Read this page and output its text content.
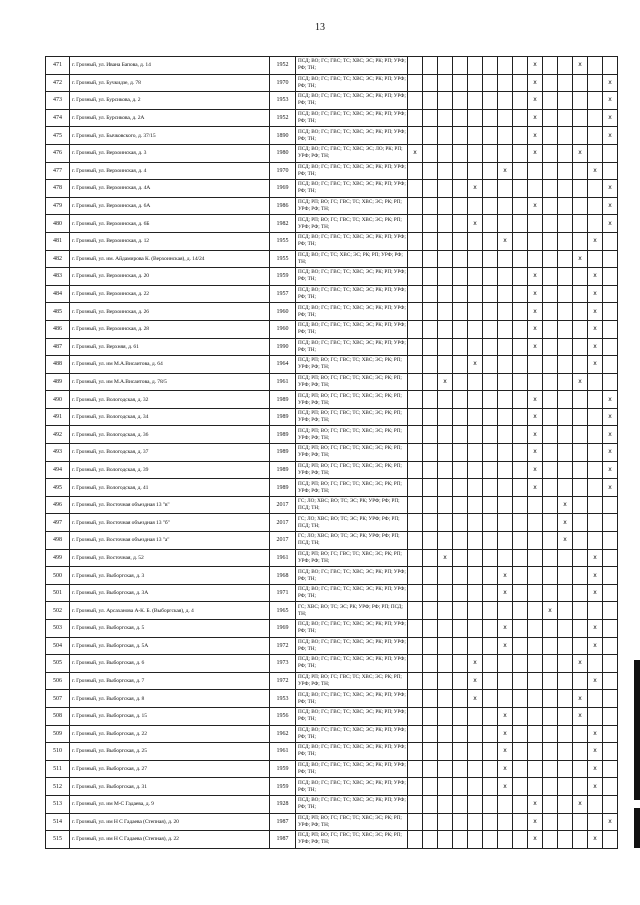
13
471	г. Грозный, ул. Ивана Бапова, д. 14	1952	ПСД; ВО; ГС; ГВС; ТС; ХВС; ЭС; РК; РП; УРФ; РФ; ТН;									x			x		
472	г. Грозный, ул. Бучкидзе, д. 78	1970	ПСД; ВО; ГС; ГВС; ТС; ХВС; ЭС; РК; РП; УРФ; РФ; ТН;									x					x
473	г. Грозный, ул. Бурсикова, д. 2	1953	ПСД; ВО; ГС; ГВС; ТС; ХВС; ЭС; РК; РП; УРФ; РФ; ТН;									x					x
474	г. Грозный, ул. Бурсикова, д. 2А	1952	ПСД; ВО; ГС; ГВС; ТС; ХВС; ЭС; РК; РП; УРФ; РФ; ТН;									x					x
475	г. Грозный, ул. Бычковского, д. 37/15	1890	ПСД; ВО; ГС; ГВС; ТС; ХВС; ЭС; РК; РП; УРФ; РФ; ТН;									x					x
476	г. Грозный, ул. Верхоинская, д. 3	1980	ПСД; ВО; ГС; ГВС; ТС; ХВС; ЭС; ЛО; РК; РП; УРФ; РФ; ТН;	x								x			x		
477	г. Грозный, ул. Верхоинская, д. 4	1970	ПСД; ВО; ГС; ГВС; ТС; ХВС; ЭС; РК; РП; УРФ; РФ; ТН;							x						x	
478	г. Грозный, ул. Верхоинская, д. 4А	1969	ПСД; ВО; ГС; ГВС; ТС; ХВС; ЭС; РК; РП; УРФ; РФ; ТН;					x									x
479	г. Грозный, ул. Верхоинская, д. 6А	1986	ПСД; РП; ВО; ГС; ГВС; ТС; ХВС; ЭС; РК; РП; УРФ; РФ; ТН;									x					x
480	г. Грозный, ул. Верхоинская, д. 6Б	1982	ПСД; РП; ВО; ГС; ГВС; ТС; ХВС; ЭС; РК; РП; УРФ; РФ; ТН;					x									x
481	г. Грозный, ул. Верхоинская, д. 12	1955	ПСД; ВО; ГС; ГВС; ТС; ХВС; ЭС; РК; РП; УРФ; РФ; ТН;							x						x	
482	г. Грозный, ул. им. Айдамирова К. (Верхоинская), д. 14/24	1955	ПСД; ВО; ГС; ТС; ХВС; ЭС; РК; РП; УРФ; РФ; ТН;												x		
483	г. Грозный, ул. Верхоинская, д. 20	1959	ПСД; ВО; ГС; ГВС; ТС; ХВС; ЭС; РК; РП; УРФ; РФ; ТН;									x				x	
484	г. Грозный, ул. Верхоинская, д. 22	1957	ПСД; ВО; ГС; ГВС; ТС; ХВС; ЭС; РК; РП; УРФ; РФ; ТН;									x				x	
485	г. Грозный, ул. Верхоинская, д. 26	1960	ПСД; ВО; ГС; ГВС; ТС; ХВС; ЭС; РК; РП; УРФ; РФ; ТН;									x				x	
486	г. Грозный, ул. Верхоинская, д. 28	1960	ПСД; ВО; ГС; ГВС; ТС; ХВС; ЭС; РК; РП; УРФ; РФ; ТН;									x				x	
487	г. Грозный, ул. Верхняя, д. 61	1990	ПСД; ВО; ГС; ГВС; ТС; ХВС; ЭС; РК; РП; УРФ; РФ; ТН;									x				x	
488	г. Грозный, ул. им М.А.Висаитова, д. 64	1964	ПСД; РП; ВО; ГС; ГВС; ТС; ХВС; ЭС; РК; РП; УРФ; РФ; ТН;					x								x	
489	г. Грозный, ул. им М.А.Висаитова, д. 78/5	1961	ПСД; РП; ВО; ГС; ГВС; ТС; ХВС; ЭС; РК; РП; УРФ; РФ; ТН;			x									x		
490	г. Грозный, ул. Вологодская, д. 32	1989	ПСД; РП; ВО; ГС; ГВС; ТС; ХВС; ЭС; РК; РП; УРФ; РФ; ТН;									x					x
491	г. Грозный, ул. Вологодская, д. 34	1989	ПСД; РП; ВО; ГС; ГВС; ТС; ХВС; ЭС; РК; РП; УРФ; РФ; ТН;									x					x
492	г. Грозный, ул. Вологодская, д. 36	1989	ПСД; РП; ВО; ГС; ГВС; ТС; ХВС; ЭС; РК; РП; УРФ; РФ; ТН;									x					x
493	г. Грозный, ул. Вологодская, д. 37	1989	ПСД; РП; ВО; ГС; ГВС; ТС; ХВС; ЭС; РК; РП; УРФ; РФ; ТН;									x					x
494	г. Грозный, ул. Вологодская, д. 39	1989	ПСД; РП; ВО; ГС; ГВС; ТС; ХВС; ЭС; РК; РП; УРФ; РФ; ТН;									x					x
495	г. Грозный, ул. Вологодская, д. 41	1989	ПСД; РП; ВО; ГС; ГВС; ТС; ХВС; ЭС; РК; РП; УРФ; РФ; ТН;									x					x
496	г. Грозный, ул. Восточная объездная 13 "в"	2017	ГС; ЛО; ХВС; ВО; ТС; ЭС; РК; УРФ; РФ; РП; ПСД; ТН;											x			
497	г. Грозный, ул. Восточная объездная 13 "б"	2017	ГС; ЛО; ХВС; ВО; ТС; ЭС; РК; УРФ; РФ; РП; ПСД; ТН;											x			
498	г. Грозный, ул. Восточная объездная 13 "а"	2017	ГС; ЛО; ХВС; ВО; ТС; ЭС; РК; УРФ; РФ; РП; ПСД; ТН;											x			
499	г. Грозный, ул. Восточная, д. 52	1961	ПСД; РП; ВО; ГС; ГВС; ТС; ХВС; ЭС; РК; РП; УРФ; РФ; ТН;			x										x	
500	г. Грозный, ул. Выборгская, д. 3	1968	ПСД; ВО; ГС; ГВС; ТС; ХВС; ЭС; РК; РП; УРФ; РФ; ТН;							x						x	
501	г. Грозный, ул. Выборгская, д. 3А	1971	ПСД; ВО; ГС; ГВС; ТС; ХВС; ЭС; РК; РП; УРФ; РФ; ТН;							x						x	
502	г. Грозный, ул. Арсаханова А-К. Б. (Выборгская), д. 4	1965	ГС; ХВС; ВО; ТС; ЭС; РК; УРФ; РФ; РП; ПСД; ТН;										x				
503	г. Грозный, ул. Выборгская, д. 5	1969	ПСД; ВО; ГС; ГВС; ТС; ХВС; ЭС; РК; РП; УРФ; РФ; ТН;							x						x	
504	г. Грозный, ул. Выборгская, д. 5А	1972	ПСД; ВО; ГС; ГВС; ТС; ХВС; ЭС; РК; РП; УРФ; РФ; ТН;							x						x	
505	г. Грозный, ул. Выборгская, д. 6	1973	ПСД; ВО; ГС; ГВС; ТС; ХВС; ЭС; РК; РП; УРФ; РФ; ТН;					x							x		
506	г. Грозный, ул. Выборгская, д. 7	1972	ПСД; РП; ВО; ГС; ГВС; ТС; ХВС; ЭС; РК; РП; УРФ; РФ; ТН;					x								x	
507	г. Грозный, ул. Выборгская, д. 8	1953	ПСД; ВО; ГС; ГВС; ТС; ХВС; ЭС; РК; РП; УРФ; РФ; ТН;					x							x		
508	г. Грозный, ул. Выборгская, д. 15	1956	ПСД; ВО; ГС; ГВС; ТС; ХВС; ЭС; РК; РП; УРФ; РФ; ТН;							x					x		
509	г. Грозный, ул. Выборгская, д. 22	1962	ПСД; ВО; ГС; ГВС; ТС; ХВС; ЭС; РК; РП; УРФ; РФ; ТН;							x						x	
510	г. Грозный, ул. Выборгская, д. 25	1961	ПСД; ВО; ГС; ГВС; ТС; ХВС; ЭС; РК; РП; УРФ; РФ; ТН;							x						x	
511	г. Грозный, ул. Выборгская, д. 27	1959	ПСД; ВО; ГС; ГВС; ТС; ХВС; ЭС; РК; РП; УРФ; РФ; ТН;							x						x	
512	г. Грозный, ул. Выборгская, д. 31	1959	ПСД; ВО; ГС; ГВС; ТС; ХВС; ЭС; РК; РП; УРФ; РФ; ТН;							x						x	
513	г. Грозный, ул. им М-С Гадаева, д. 9	1928	ПСД; ВО; ГС; ГВС; ТС; ХВС; ЭС; РК; РП; УРФ; РФ; ТН;									x			x		
514	г. Грозный, ул. им Н С Гадаева (Степная), д. 20	1987	ПСД; РП; ВО; ГС; ГВС; ТС; ХВС; ЭС; РК; РП; УРФ; РФ; ТН;									x					x
515	г. Грозный, ул. им Н С Гадаева (Степная), д. 22	1987	ПСД; РП; ВО; ГС; ГВС; ТС; ХВС; ЭС; РК; РП; УРФ; РФ; ТН;									x				x	
